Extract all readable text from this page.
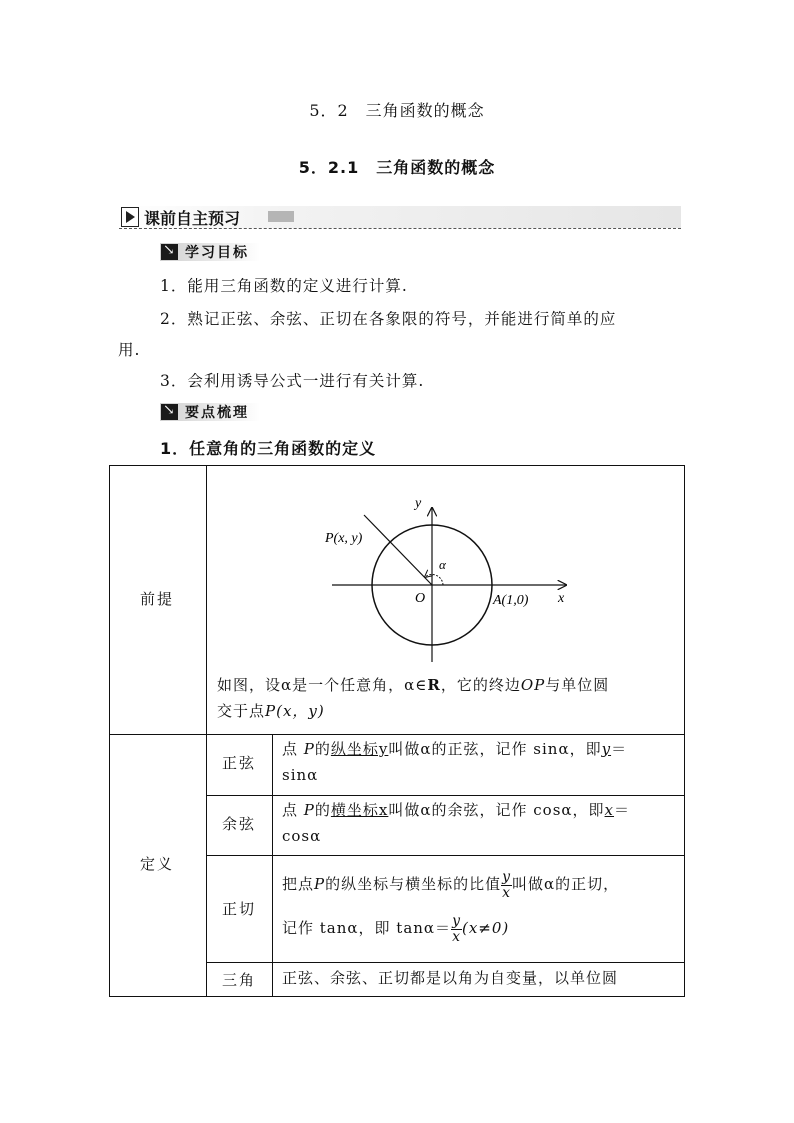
5．2　三角函数的概念
5．2.1　三角函数的概念
课前自主预习
↘
学习目标
1．能用三角函数的定义进行计算.
2．熟记正弦、余弦、正切在各象限的符号，并能进行简单的应
用.
3．会利用诱导公式一进行有关计算.
↘
要点梳理
1．任意角的三角函数的定义
前提
定义
正弦
余弦
正切
三角
y
x
O
P(x, y)
A(1,0)
α
如图，设α是一个任意角，α∈R，它的终边OP与单位圆
交于点P(x，y)
点 P的纵坐标y叫做α的正弦，记作 sinα，即y＝
sinα
点 P的横坐标x叫做α的余弦，记作 cosα，即x＝
cosα
把点P的纵坐标与横坐标的比值 $\frac{y}{x}$ 叫做α的正切，
记作 tanα，即 $\tan\alpha= \frac{y}{x} (x\ne 0)$
正弦、余弦、正切都是以角为自变量，以单位圆
